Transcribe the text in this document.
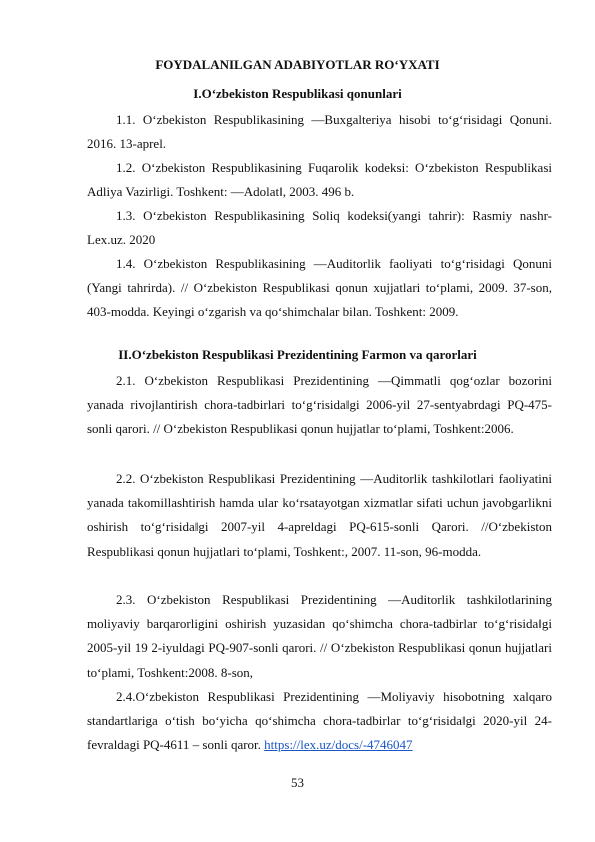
FOYDALANILGAN ADABIYOTLAR RO‘YXATI
I.O‘zbekiston Respublikasi qonunlari

1.1. O‘zbekiston Respublikasining ―Buxgalteriya hisobi to‘g‘risidagi Qonuni. 2016. 13-aprel.

1.2. O‘zbekiston Respublikasining Fuqarolik kodeksi: O‘zbekiston Respublikasi Adliya Vazirligi. Toshkent: ―Adolat‖, 2003. 496 b.

1.3. O‘zbekiston Respublikasining Soliq kodeksi(yangi tahrir): Rasmiy nashr-Lex.uz. 2020

1.4. O‘zbekiston Respublikasining ―Auditorlik faoliyati to‘g‘risidagi Qonuni (Yangi tahrirda). // O‘zbekiston Respublikasi qonun xujjatlari to‘plami, 2009. 37-son, 403-modda. Keyingi o‘zgarish va qo‘shimchalar bilan. Toshkent: 2009.

II.O‘zbekiston Respublikasi Prezidentining Farmon va qarorlari

2.1. O‘zbekiston Respublikasi Prezidentining ―Qimmatli qog‘ozlar bozorini yanada rivojlantirish chora-tadbirlari to‘g‘risida‖gi 2006-yil 27-sentyabrdagi PQ-475-sonli qarori. // O‘zbekiston Respublikasi qonun hujjatlar to‘plami, Toshkent:2006.

2.2. O‘zbekiston Respublikasi Prezidentining ―Auditorlik tashkilotlari faoliyatini yanada takomillashtirish hamda ular ko‘rsatayotgan xizmatlar sifati uchun javobgarlikni oshirish to‘g‘risida‖gi 2007-yil 4-apreldagi PQ-615-sonli Qarori. //O‘zbekiston Respublikasi qonun hujjatlari to‘plami, Toshkent:, 2007. 11-son, 96-modda.

2.3. O‘zbekiston Respublikasi Prezidentining ―Auditorlik tashkilotlarining moliyaviy barqarorligini oshirish yuzasidan qo‘shimcha chora-tadbirlar to‘g‘risida‖gi 2005-yil 19 2-iyuldagi PQ-907-sonli qarori. // O‘zbekiston Respublikasi qonun hujjatlari to‘plami, Toshkent:2008. 8-son,

2.4.O‘zbekiston Respublikasi Prezidentining ―Moliyaviy hisobotning xalqaro standartlariga o‘tish bo‘yicha qo‘shimcha chora-tadbirlar to‘g‘risida‖gi 2020-yil 24-fevraldagi PQ-4611 – sonli qaror. https://lex.uz/docs/-4746047

53
